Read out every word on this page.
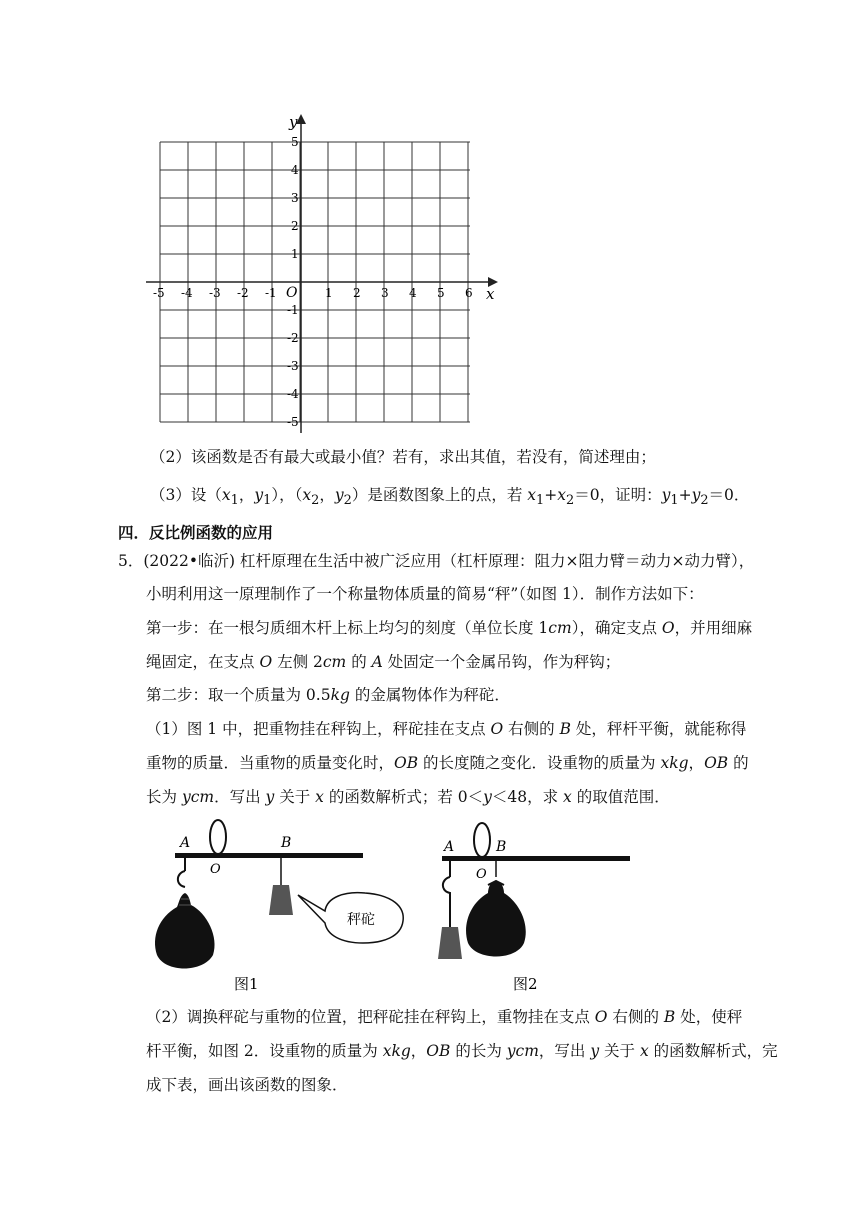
x
y
O
-5 -4 -3 -2 -1	1 2 3 4 5 6
5
4
3
2
1
-1
-2
-3
-4
-5
（2）该函数是否有最大或最小值？若有，求出其值，若没有，简述理由；
（3）设（$x_1$，$y_1$），（$x_2$，$y_2$）是函数图象上的点，若 $x_1+x_2=0$，证明：$y_1+y_2=0$．
四．反比例函数的应用
5．(2022•临沂) 杠杆原理在生活中被广泛应用（杠杆原理：阻力×阻力臂＝动力×动力臂），
小明利用这一原理制作了一个称量物体质量的简易“秤”（如图 1）．制作方法如下：
第一步：在一根匀质细木杆上标上均匀的刻度（单位长度 1cm），确定支点 O，并用细麻
绳固定，在支点 O 左侧 2cm 的 A 处固定一个金属吊钩，作为秤钩；
第二步：取一个质量为 0.5kg 的金属物体作为秤砣．
（1）图 1 中，把重物挂在秤钩上，秤砣挂在支点 O 右侧的 B 处，秤杆平衡，就能称得
重物的质量．当重物的质量变化时，OB 的长度随之变化．设重物的质量为 xkg，OB 的
长为 ycm．写出 y 关于 x 的函数解析式；若 0＜y＜48，求 x 的取值范围．
A
O
B
秤砣
图1
A
O
B
图2
（2）调换秤砣与重物的位置，把秤砣挂在秤钩上，重物挂在支点 O 右侧的 B 处，使秤
杆平衡，如图 2．设重物的质量为 xkg，OB 的长为 ycm，写出 y 关于 x 的函数解析式，完
成下表，画出该函数的图象．
